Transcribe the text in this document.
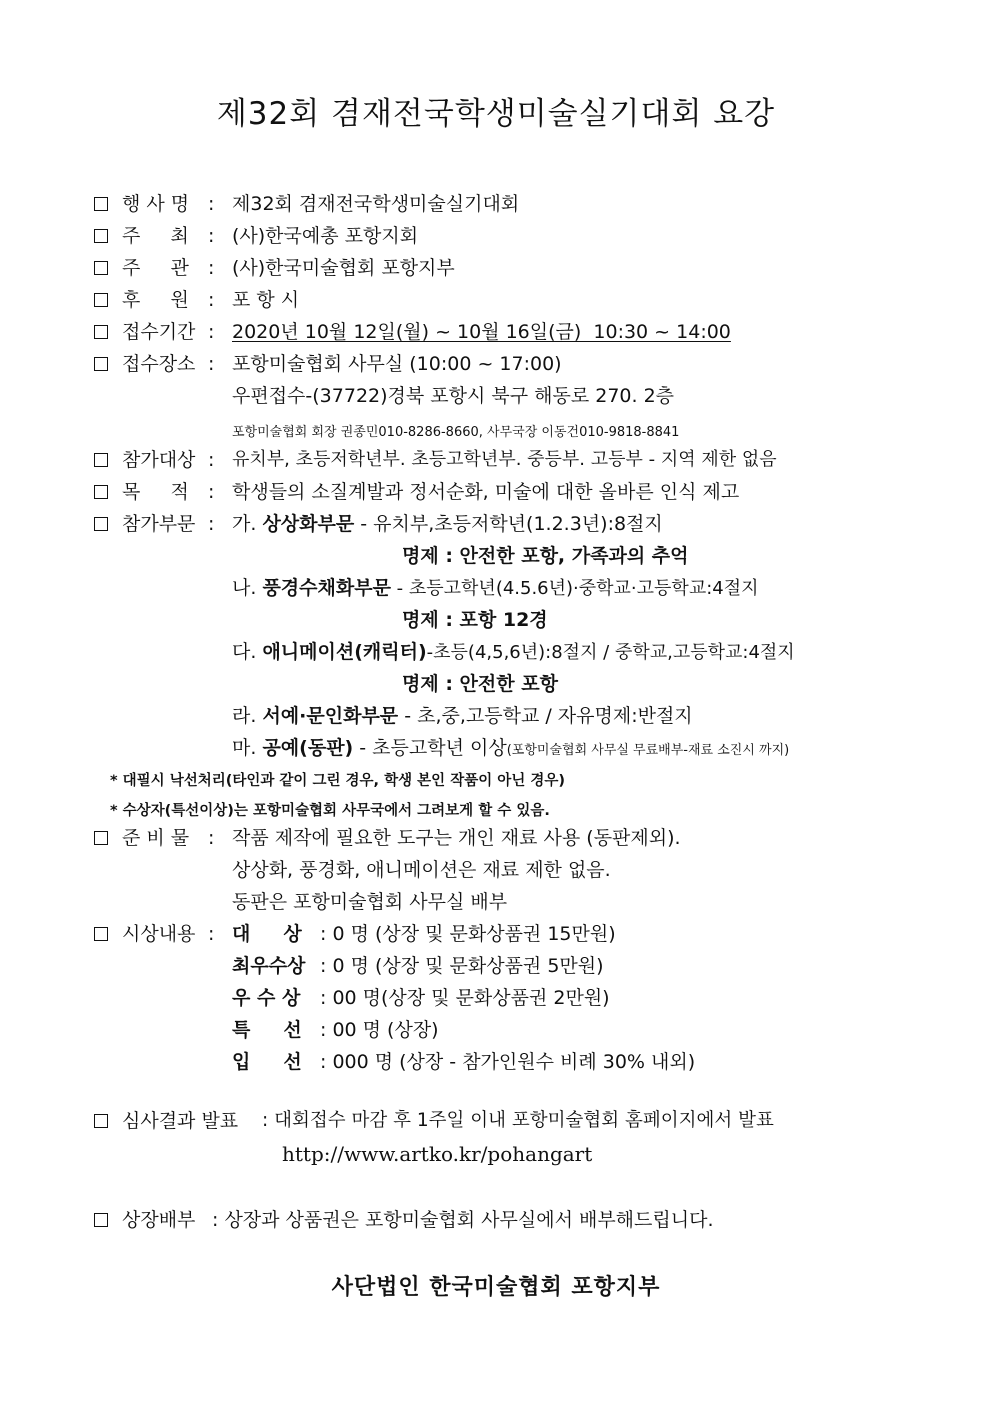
제32회 겸재전국학생미술실기대회 요강
행 사 명 : 제32회 겸재전국학생미술실기대회
주     최 : (사)한국예총 포항지회
주     관 : (사)한국미술협회 포항지부
후     원 : 포 항 시
접수기간 : 2020년 10월 12일(월) ~ 10월 16일(금)  10:30 ~ 14:00
접수장소 : 포항미술협회 사무실 (10:00 ~ 17:00)
우편접수-(37722)경북 포항시 북구 해동로 270. 2층
포항미술협회 회장 권종민010-8286-8660, 사무국장 이동건010-9818-8841
참가대상 : 유치부, 초등저학년부. 초등고학년부. 중등부. 고등부 - 지역 제한 없음
목     적 : 학생들의 소질계발과 정서순화, 미술에 대한 올바른 인식 제고
참가부문 : 가. 상상화부문 - 유치부,초등저학년(1.2.3년):8절지
명제 : 안전한 포항, 가족과의 추억
나. 풍경수채화부문 - 초등고학년(4.5.6년)·중학교·고등학교:4절지
명제 : 포항 12경
다. 애니메이션(캐릭터)-초등(4,5,6년):8절지 / 중학교,고등학교:4절지
명제 : 안전한 포항
라. 서예·문인화부문 - 초,중,고등학교 / 자유명제:반절지
마. 공예(동판) - 초등고학년 이상(포항미술협회 사무실 무료배부-재료 소진시 까지)
* 대필시 낙선처리(타인과 같이 그린 경우, 학생 본인 작품이 아닌 경우)
* 수상자(특선이상)는 포항미술협회 사무국에서 그려보게 할 수 있음.
준 비 물 : 작품 제작에 필요한 도구는 개인 재료 사용 (동판제외).
상상화, 풍경화, 애니메이션은 재료 제한 없음.
동판은 포항미술협회 사무실 배부
시상내용 : 대     상 : 0 명 (상장 및 문화상품권 15만원)
최우수상 : 0 명 (상장 및 문화상품권 5만원)
우 수 상 : 00 명(상장 및 문화상품권 2만원)
특     선 : 00 명 (상장)
입     선 : 000 명 (상장 - 참가인원수 비례 30% 내외)
심사결과 발표 : 대회접수 마감 후 1주일 이내 포항미술협회 홈페이지에서 발표
http://www.artko.kr/pohangart
상장배부 : 상장과 상품권은 포항미술협회 사무실에서 배부해드립니다.
사단법인 한국미술협회 포항지부
